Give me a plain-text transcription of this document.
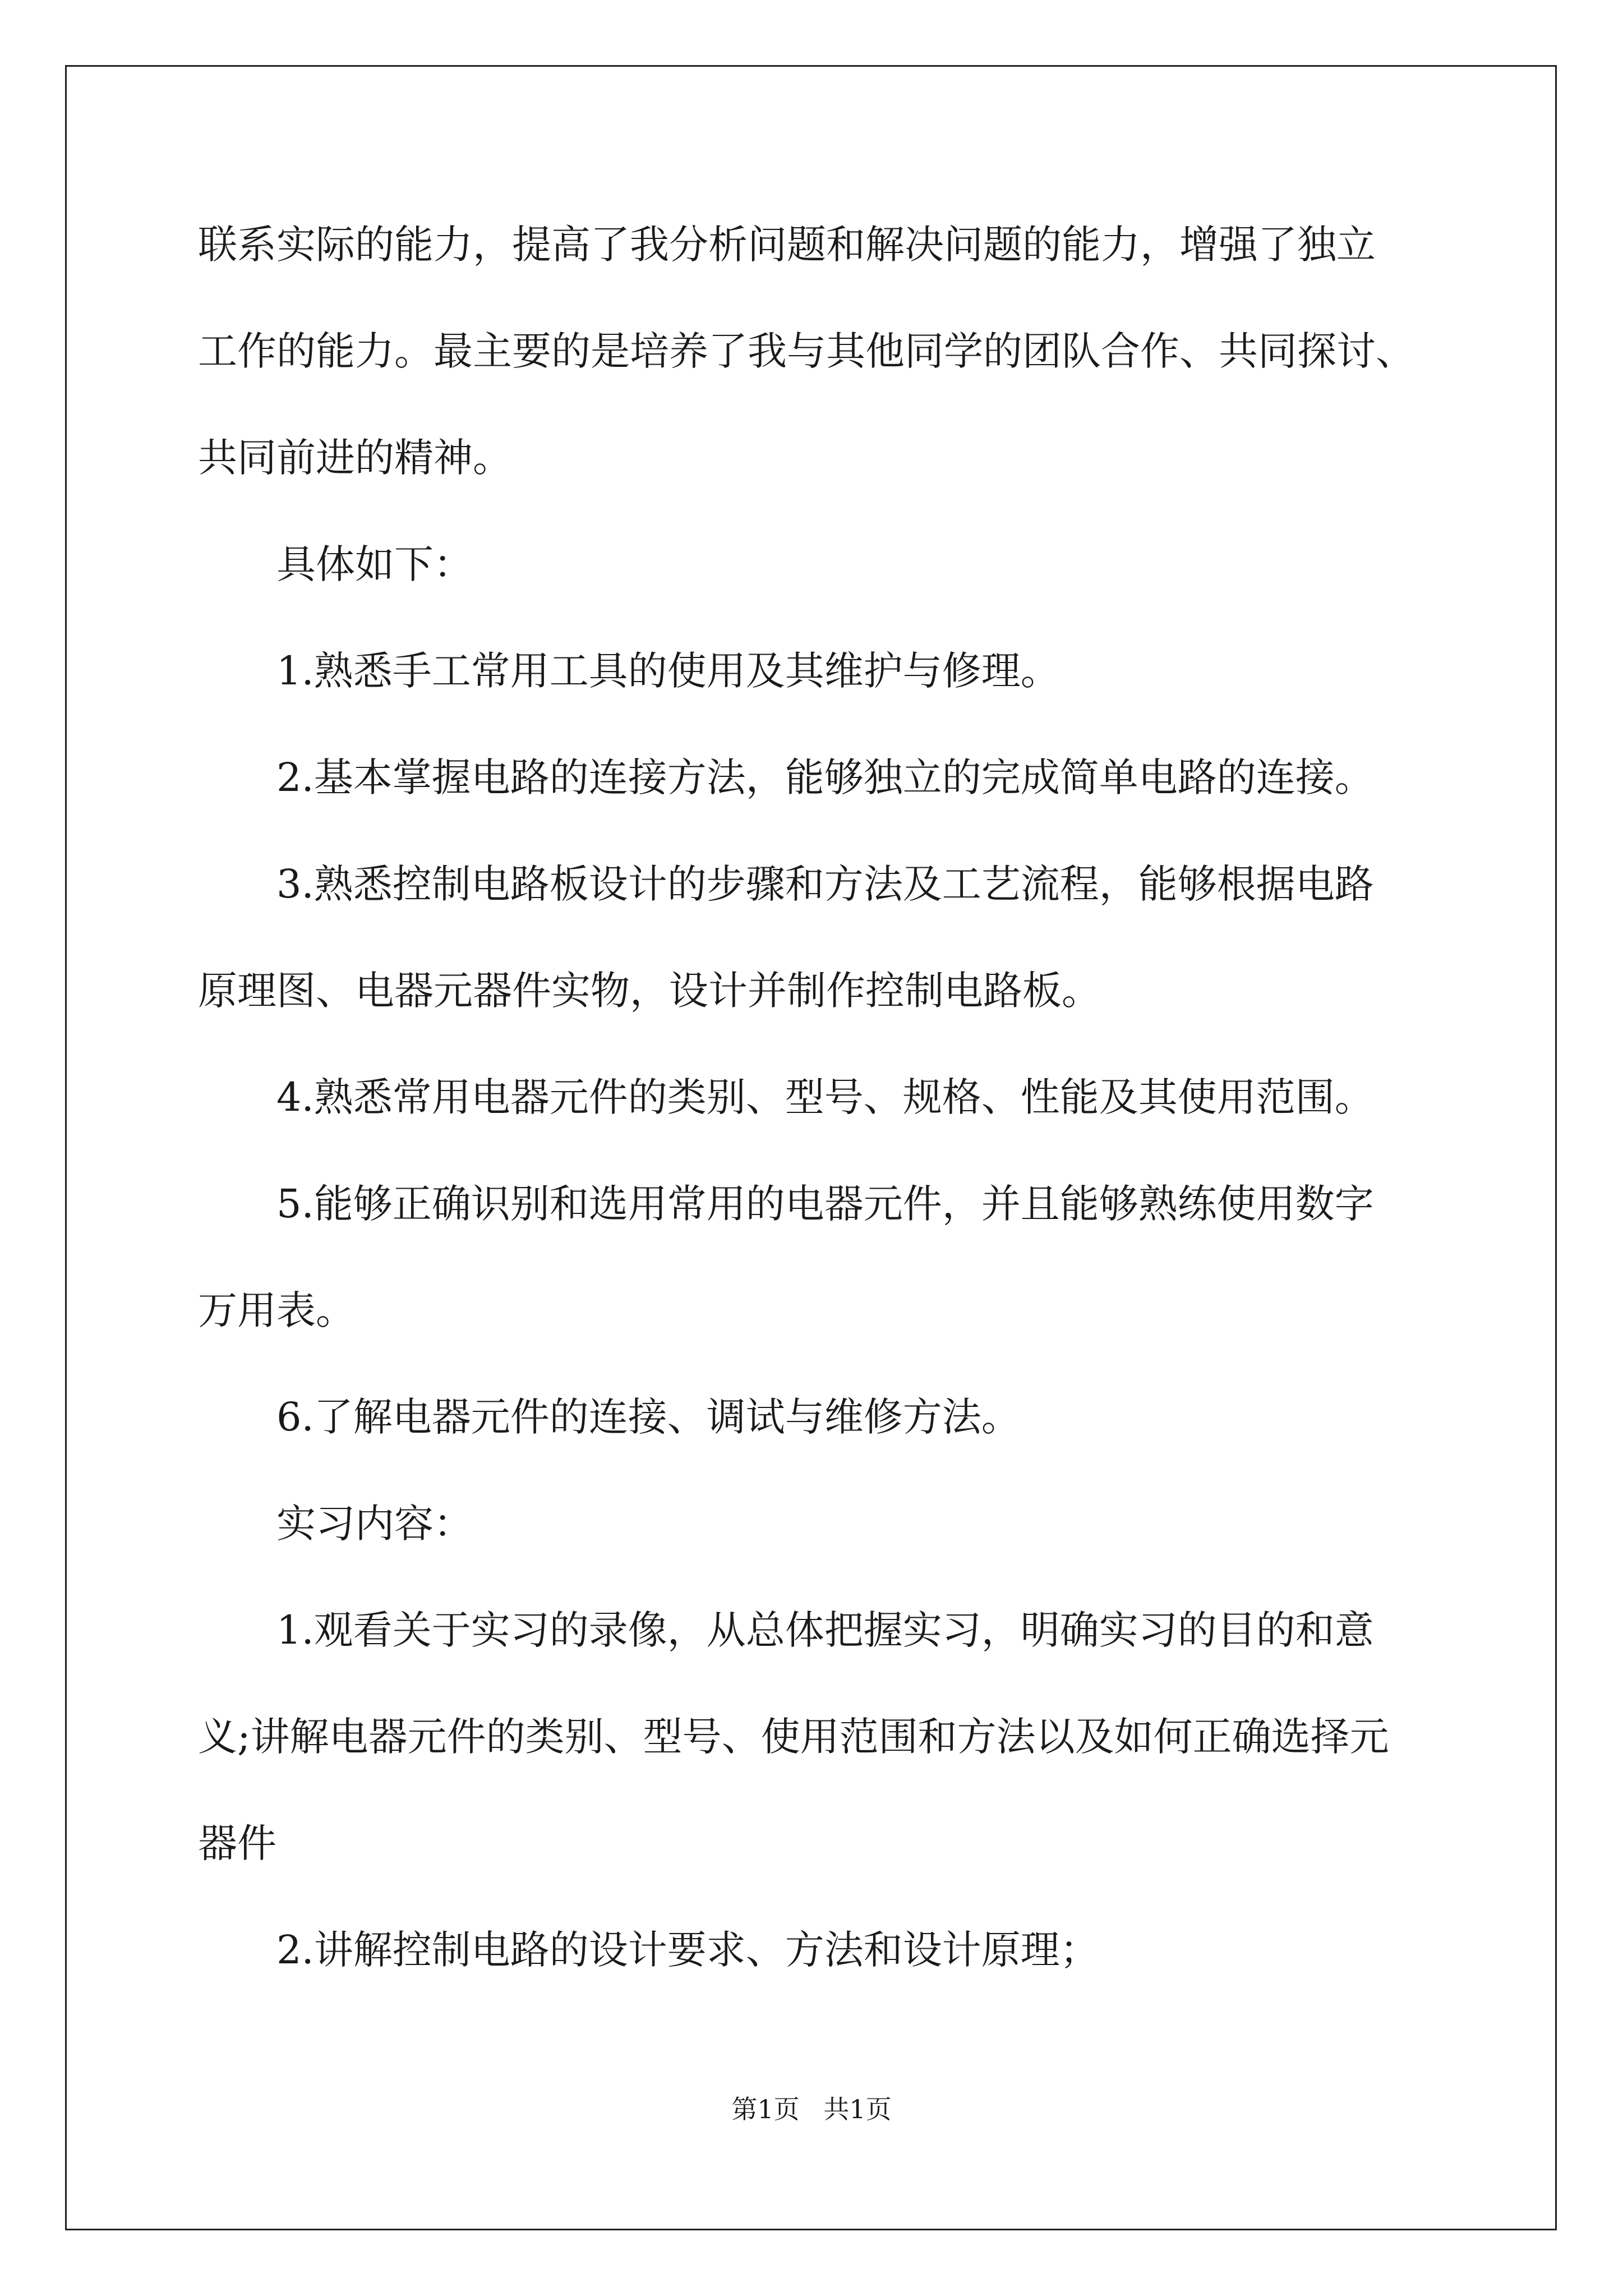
联系实际的能力，提高了我分析问题和解决问题的能力，增强了独立
工作的能力。最主要的是培养了我与其他同学的团队合作、共同探讨、
共同前进的精神。
具体如下：
1.熟悉手工常用工具的使用及其维护与修理。
2.基本掌握电路的连接方法，能够独立的完成简单电路的连接。
3.熟悉控制电路板设计的步骤和方法及工艺流程，能够根据电路
原理图、电器元器件实物，设计并制作控制电路板。
4.熟悉常用电器元件的类别、型号、规格、性能及其使用范围。
5.能够正确识别和选用常用的电器元件，并且能够熟练使用数字
万用表。
6.了解电器元件的连接、调试与维修方法。
实习内容：
1.观看关于实习的录像，从总体把握实习，明确实习的目的和意
义;讲解电器元件的类别、型号、使用范围和方法以及如何正确选择元
器件
2.讲解控制电路的设计要求、方法和设计原理；
第1页 共1页
